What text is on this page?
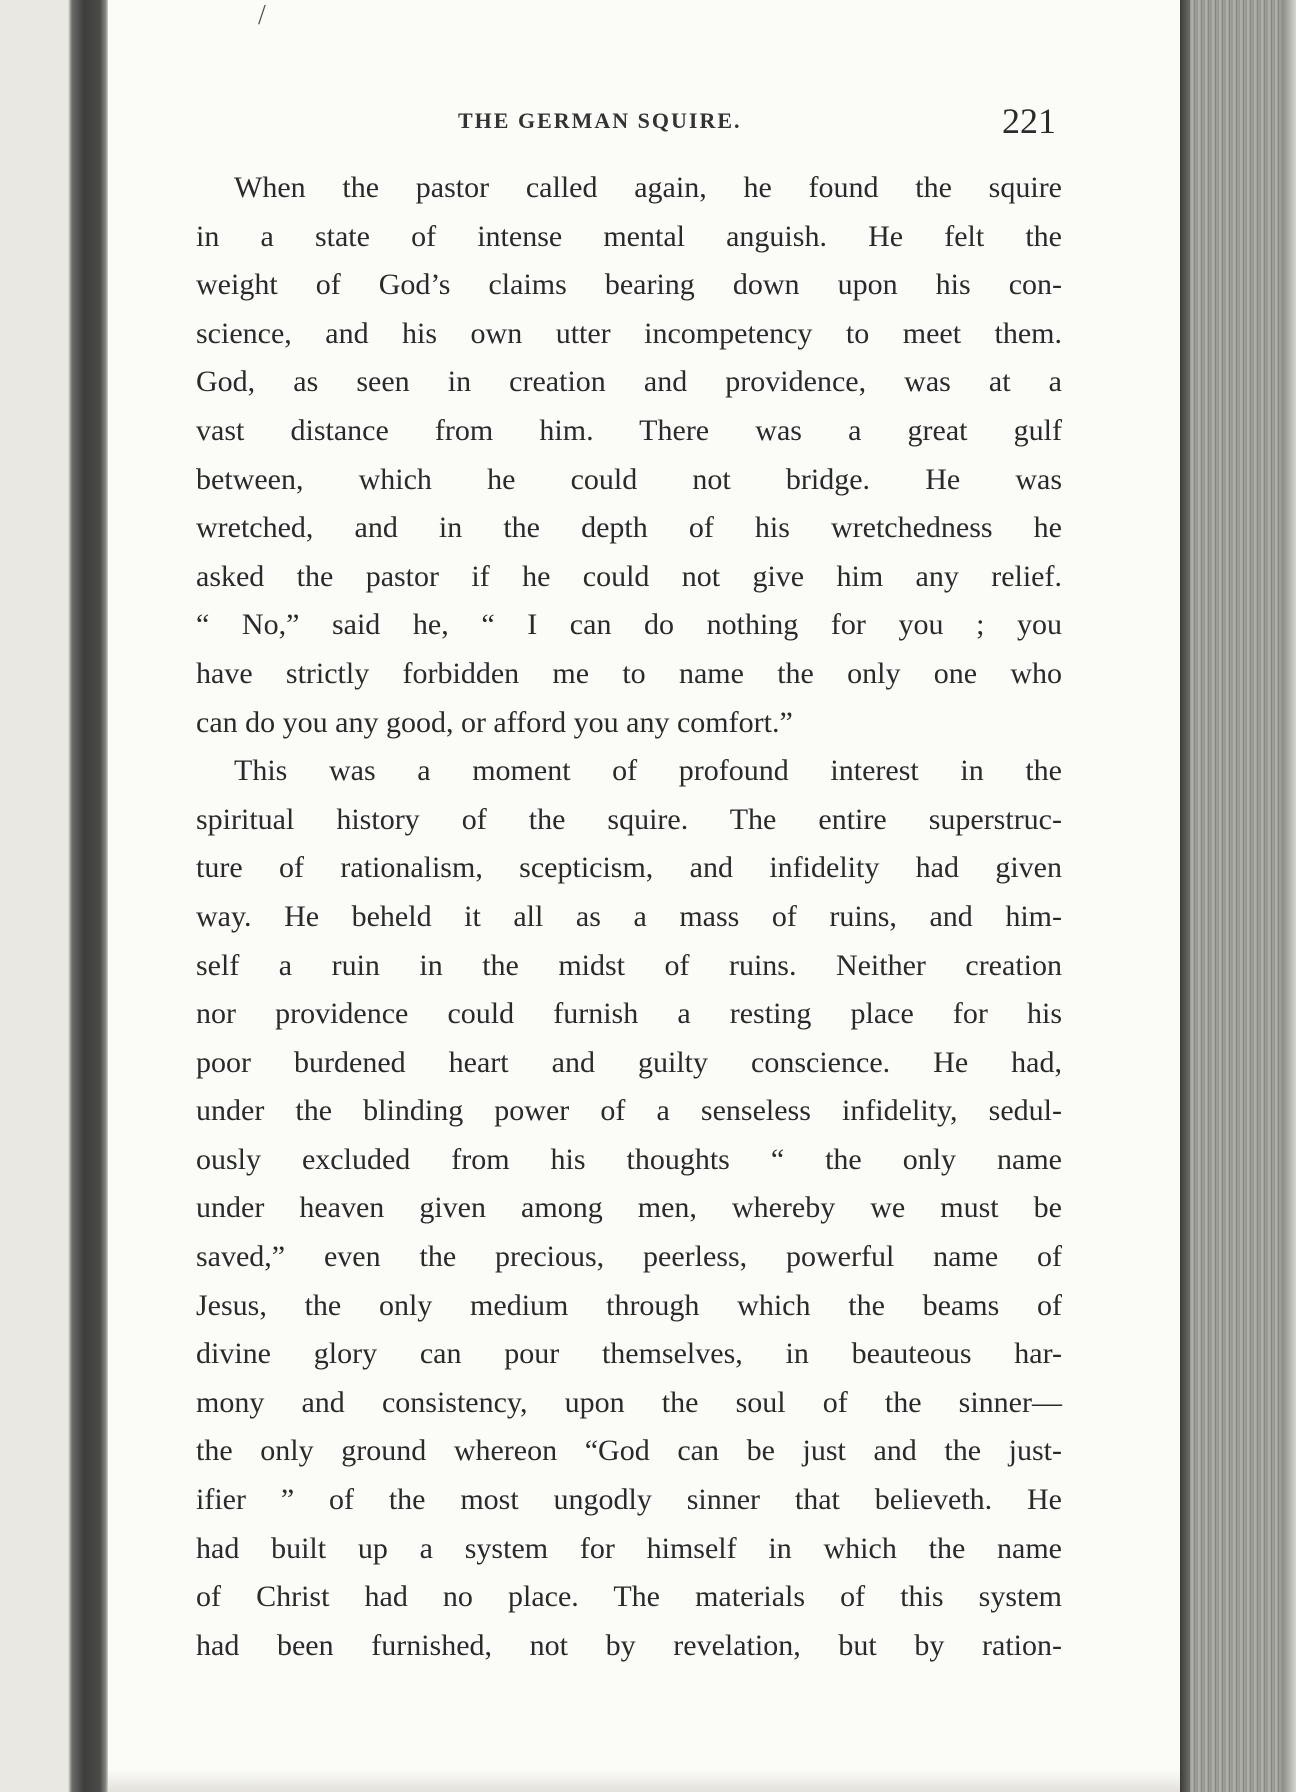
/
THE GERMAN SQUIRE.	221
When the pastor called again, he found the squire
in a state of intense mental anguish. He felt the
weight of God’s claims bearing down upon his con-
science, and his own utter incompetency to meet them.
God, as seen in creation and providence, was at a
vast distance from him. There was a great gulf
between, which he could not bridge. He was
wretched, and in the depth of his wretchedness he
asked the pastor if he could not give him any relief.
“ No,” said he, “ I can do nothing for you ; you
have strictly forbidden me to name the only one who
can do you any good, or afford you any comfort.”
This was a moment of profound interest in the
spiritual history of the squire. The entire superstruc-
ture of rationalism, scepticism, and infidelity had given
way. He beheld it all as a mass of ruins, and him-
self a ruin in the midst of ruins. Neither creation
nor providence could furnish a resting place for his
poor burdened heart and guilty conscience. He had,
under the blinding power of a senseless infidelity, sedul-
ously excluded from his thoughts “ the only name
under heaven given among men, whereby we must be
saved,” even the precious, peerless, powerful name of
Jesus, the only medium through which the beams of
divine glory can pour themselves, in beauteous har-
mony and consistency, upon the soul of the sinner—
the only ground whereon “God can be just and the just-
ifier ” of the most ungodly sinner that believeth. He
had built up a system for himself in which the name
of Christ had no place. The materials of this system
had been furnished, not by revelation, but by ration-
